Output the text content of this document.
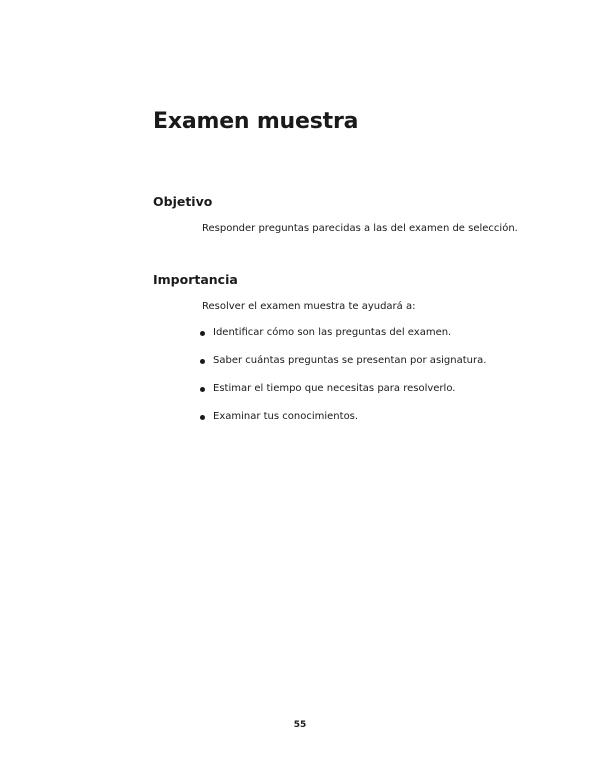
Examen muestra
Objetivo

Responder preguntas parecidas a las del examen de selección.

Importancia

Resolver el examen muestra te ayudará a:

Identificar cómo son las preguntas del examen.
Saber cuántas preguntas se presentan por asignatura.
Estimar el tiempo que necesitas para resolverlo.
Examinar tus conocimientos.
55
